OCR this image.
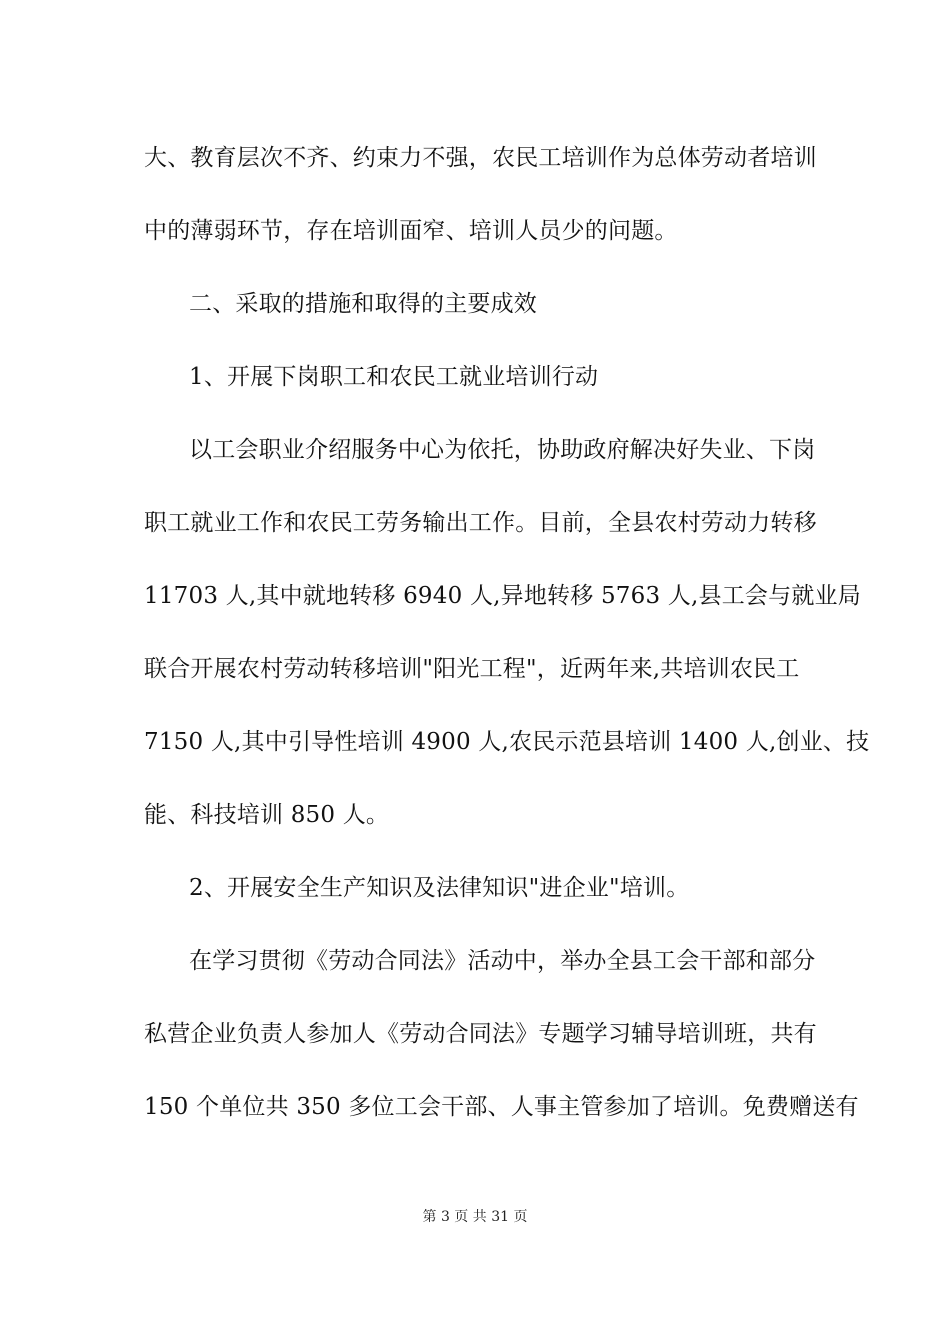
大、教育层次不齐、约束力不强，农民工培训作为总体劳动者培训
中的薄弱环节，存在培训面窄、培训人员少的问题。
二、采取的措施和取得的主要成效
1、开展下岗职工和农民工就业培训行动
以工会职业介绍服务中心为依托，协助政府解决好失业、下岗
职工就业工作和农民工劳务输出工作。目前，全县农村劳动力转移
11703 人,其中就地转移 6940 人,异地转移 5763 人,县工会与就业局
联合开展农村劳动转移培训"阳光工程"，近两年来,共培训农民工
7150 人,其中引导性培训 4900 人,农民示范县培训 1400 人,创业、技
能、科技培训 850 人。
2、开展安全生产知识及法律知识"进企业"培训。
在学习贯彻《劳动合同法》活动中，举办全县工会干部和部分
私营企业负责人参加人《劳动合同法》专题学习辅导培训班，共有
150 个单位共 350 多位工会干部、人事主管参加了培训。免费赠送有
第 3 页 共 31 页
